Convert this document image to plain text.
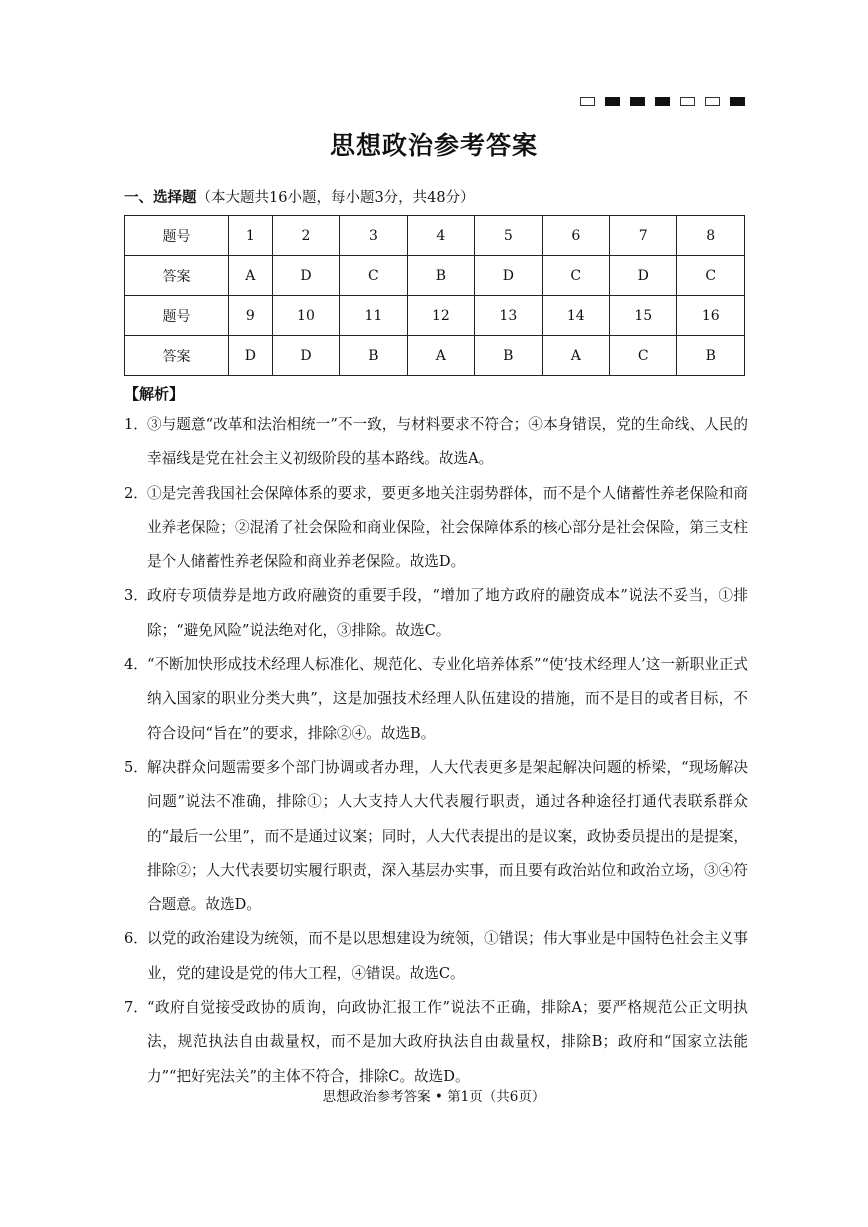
思想政治参考答案
一、选择题（本大题共16小题，每小题3分，共48分）
题号	1	2	3	4	5	6	7	8
答案	A	D	C	B	D	C	D	C
题号	9	10	11	12	13	14	15	16
答案	D	D	B	A	B	A	C	B
【解析】
1． ③与题意“改革和法治相统一”不一致，与材料要求不符合；④本身错误，党的生命线、人民的幸福线是党在社会主义初级阶段的基本路线。故选A。
2． ①是完善我国社会保障体系的要求，要更多地关注弱势群体，而不是个人储蓄性养老保险和商业养老保险；②混淆了社会保险和商业保险，社会保障体系的核心部分是社会保险，第三支柱是个人储蓄性养老保险和商业养老保险。故选D。
3． 政府专项债券是地方政府融资的重要手段，“增加了地方政府的融资成本”说法不妥当，①排除；“避免风险”说法绝对化，③排除。故选C。
4． “不断加快形成技术经理人标准化、规范化、专业化培养体系”“使‘技术经理人’这一新职业正式纳入国家的职业分类大典”，这是加强技术经理人队伍建设的措施，而不是目的或者目标，不符合设问“旨在”的要求，排除②④。故选B。
5． 解决群众问题需要多个部门协调或者办理，人大代表更多是架起解决问题的桥梁，“现场解决问题”说法不准确，排除①；人大支持人大代表履行职责，通过各种途径打通代表联系群众的“最后一公里”，而不是通过议案；同时，人大代表提出的是议案，政协委员提出的是提案，排除②；人大代表要切实履行职责，深入基层办实事，而且要有政治站位和政治立场，③④符合题意。故选D。
6． 以党的政治建设为统领，而不是以思想建设为统领，①错误；伟大事业是中国特色社会主义事业，党的建设是党的伟大工程，④错误。故选C。
7． “政府自觉接受政协的质询，向政协汇报工作”说法不正确，排除A；要严格规范公正文明执法，规范执法自由裁量权，而不是加大政府执法自由裁量权，排除B；政府和“国家立法能力”“把好宪法关”的主体不符合，排除C。故选D。
思想政治参考答案 • 第1页（共6页）
